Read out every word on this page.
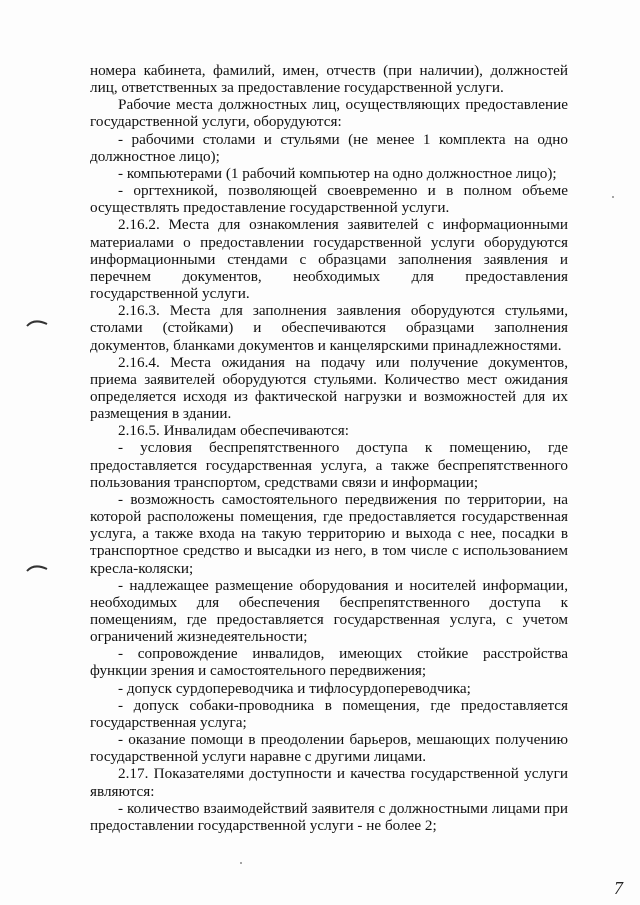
номера кабинета, фамилий, имен, отчеств (при наличии), должностей лиц, ответственных за предоставление государственной услуги.

Рабочие места должностных лиц, осуществляющих предоставление государственной услуги, оборудуются:

- рабочими столами и стульями (не менее 1 комплекта на одно должностное лицо);

- компьютерами (1 рабочий компьютер на одно должностное лицо);

- оргтехникой, позволяющей своевременно и в полном объеме осуществлять предоставление государственной услуги.

2.16.2. Места для ознакомления заявителей с информационными материалами о предоставлении государственной услуги оборудуются информационными стендами с образцами заполнения заявления и перечнем документов, необходимых для предоставления государственной услуги.

2.16.3. Места для заполнения заявления оборудуются стульями, столами (стойками) и обеспечиваются образцами заполнения документов, бланками документов и канцелярскими принадлежностями.

2.16.4. Места ожидания на подачу или получение документов, приема заявителей оборудуются стульями. Количество мест ожидания определяется исходя из фактической нагрузки и возможностей для их размещения в здании.

2.16.5. Инвалидам обеспечиваются:

- условия беспрепятственного доступа к помещению, где предоставляется государственная услуга, а также беспрепятственного пользования транспортом, средствами связи и информации;

- возможность самостоятельного передвижения по территории, на которой расположены помещения, где предоставляется государственная услуга, а также входа на такую территорию и выхода с нее, посадки в транспортное средство и высадки из него, в том числе с использованием кресла-коляски;

- надлежащее размещение оборудования и носителей информации, необходимых для обеспечения беспрепятственного доступа к помещениям, где предоставляется государственная услуга, с учетом ограничений жизнедеятельности;

- сопровождение инвалидов, имеющих стойкие расстройства функции зрения и самостоятельного передвижения;

- допуск сурдопереводчика и тифлосурдопереводчика;

- допуск собаки-проводника в помещения, где предоставляется государственная услуга;

- оказание помощи в преодолении барьеров, мешающих получению государственной услуги наравне с другими лицами.

2.17. Показателями доступности и качества государственной услуги являются:

- количество взаимодействий заявителя с должностными лицами при предоставлении государственной услуги - не более 2;

7
